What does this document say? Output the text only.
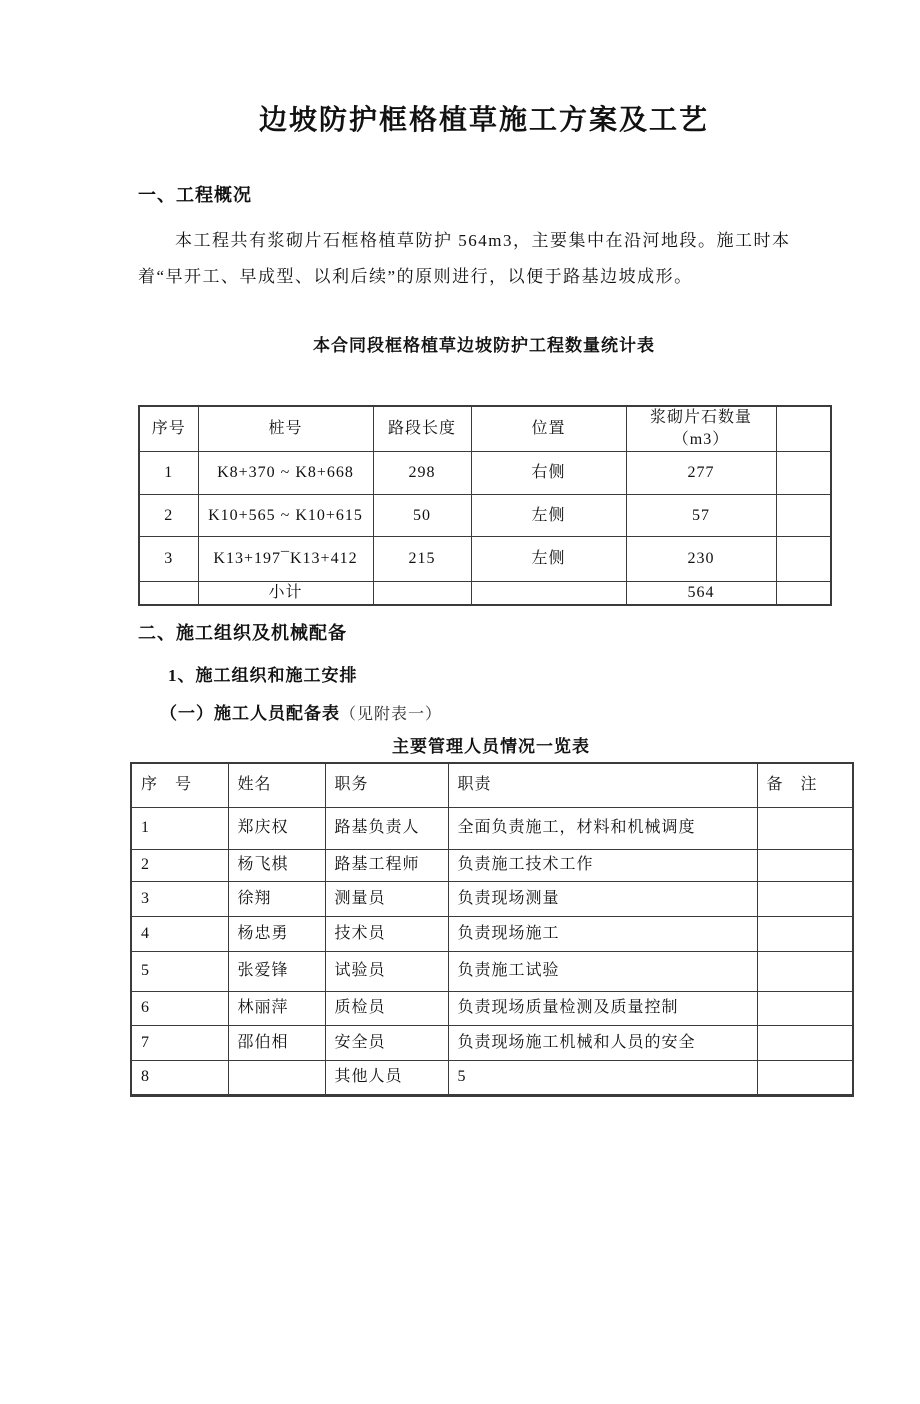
边坡防护框格植草施工方案及工艺
一、工程概况

本工程共有浆砌片石框格植草防护 564m3，主要集中在沿河地段。施工时本

着“早开工、早成型、以利后续”的原则进行，以便于路基边坡成形。

本合同段框格植草边坡防护工程数量统计表
序号	桩号	路段长度	位置	浆砌片石数量（m3）	
1	K8+370 ~ K8+668	298	右侧	277	
2	K10+565 ~ K10+615	50	左侧	57	
3	K13+197¯K13+412	215	左侧	230	
	小计			564	
二、施工组织及机械配备
1、施工组织和施工安排
（一）施工人员配备表（见附表一）
主要管理人员情况一览表
序　号	姓名	职务	职责	备　注
1	郑庆权	路基负责人	全面负责施工，材料和机械调度	
2	杨飞棋	路基工程师	负责施工技术工作	
3	徐翔	测量员	负责现场测量	
4	杨忠勇	技术员	负责现场施工	
5	张爱锋	试验员	负责施工试验	
6	林丽萍	质检员	负责现场质量检测及质量控制	
7	邵伯相	安全员	负责现场施工机械和人员的安全	
8		其他人员	5	
